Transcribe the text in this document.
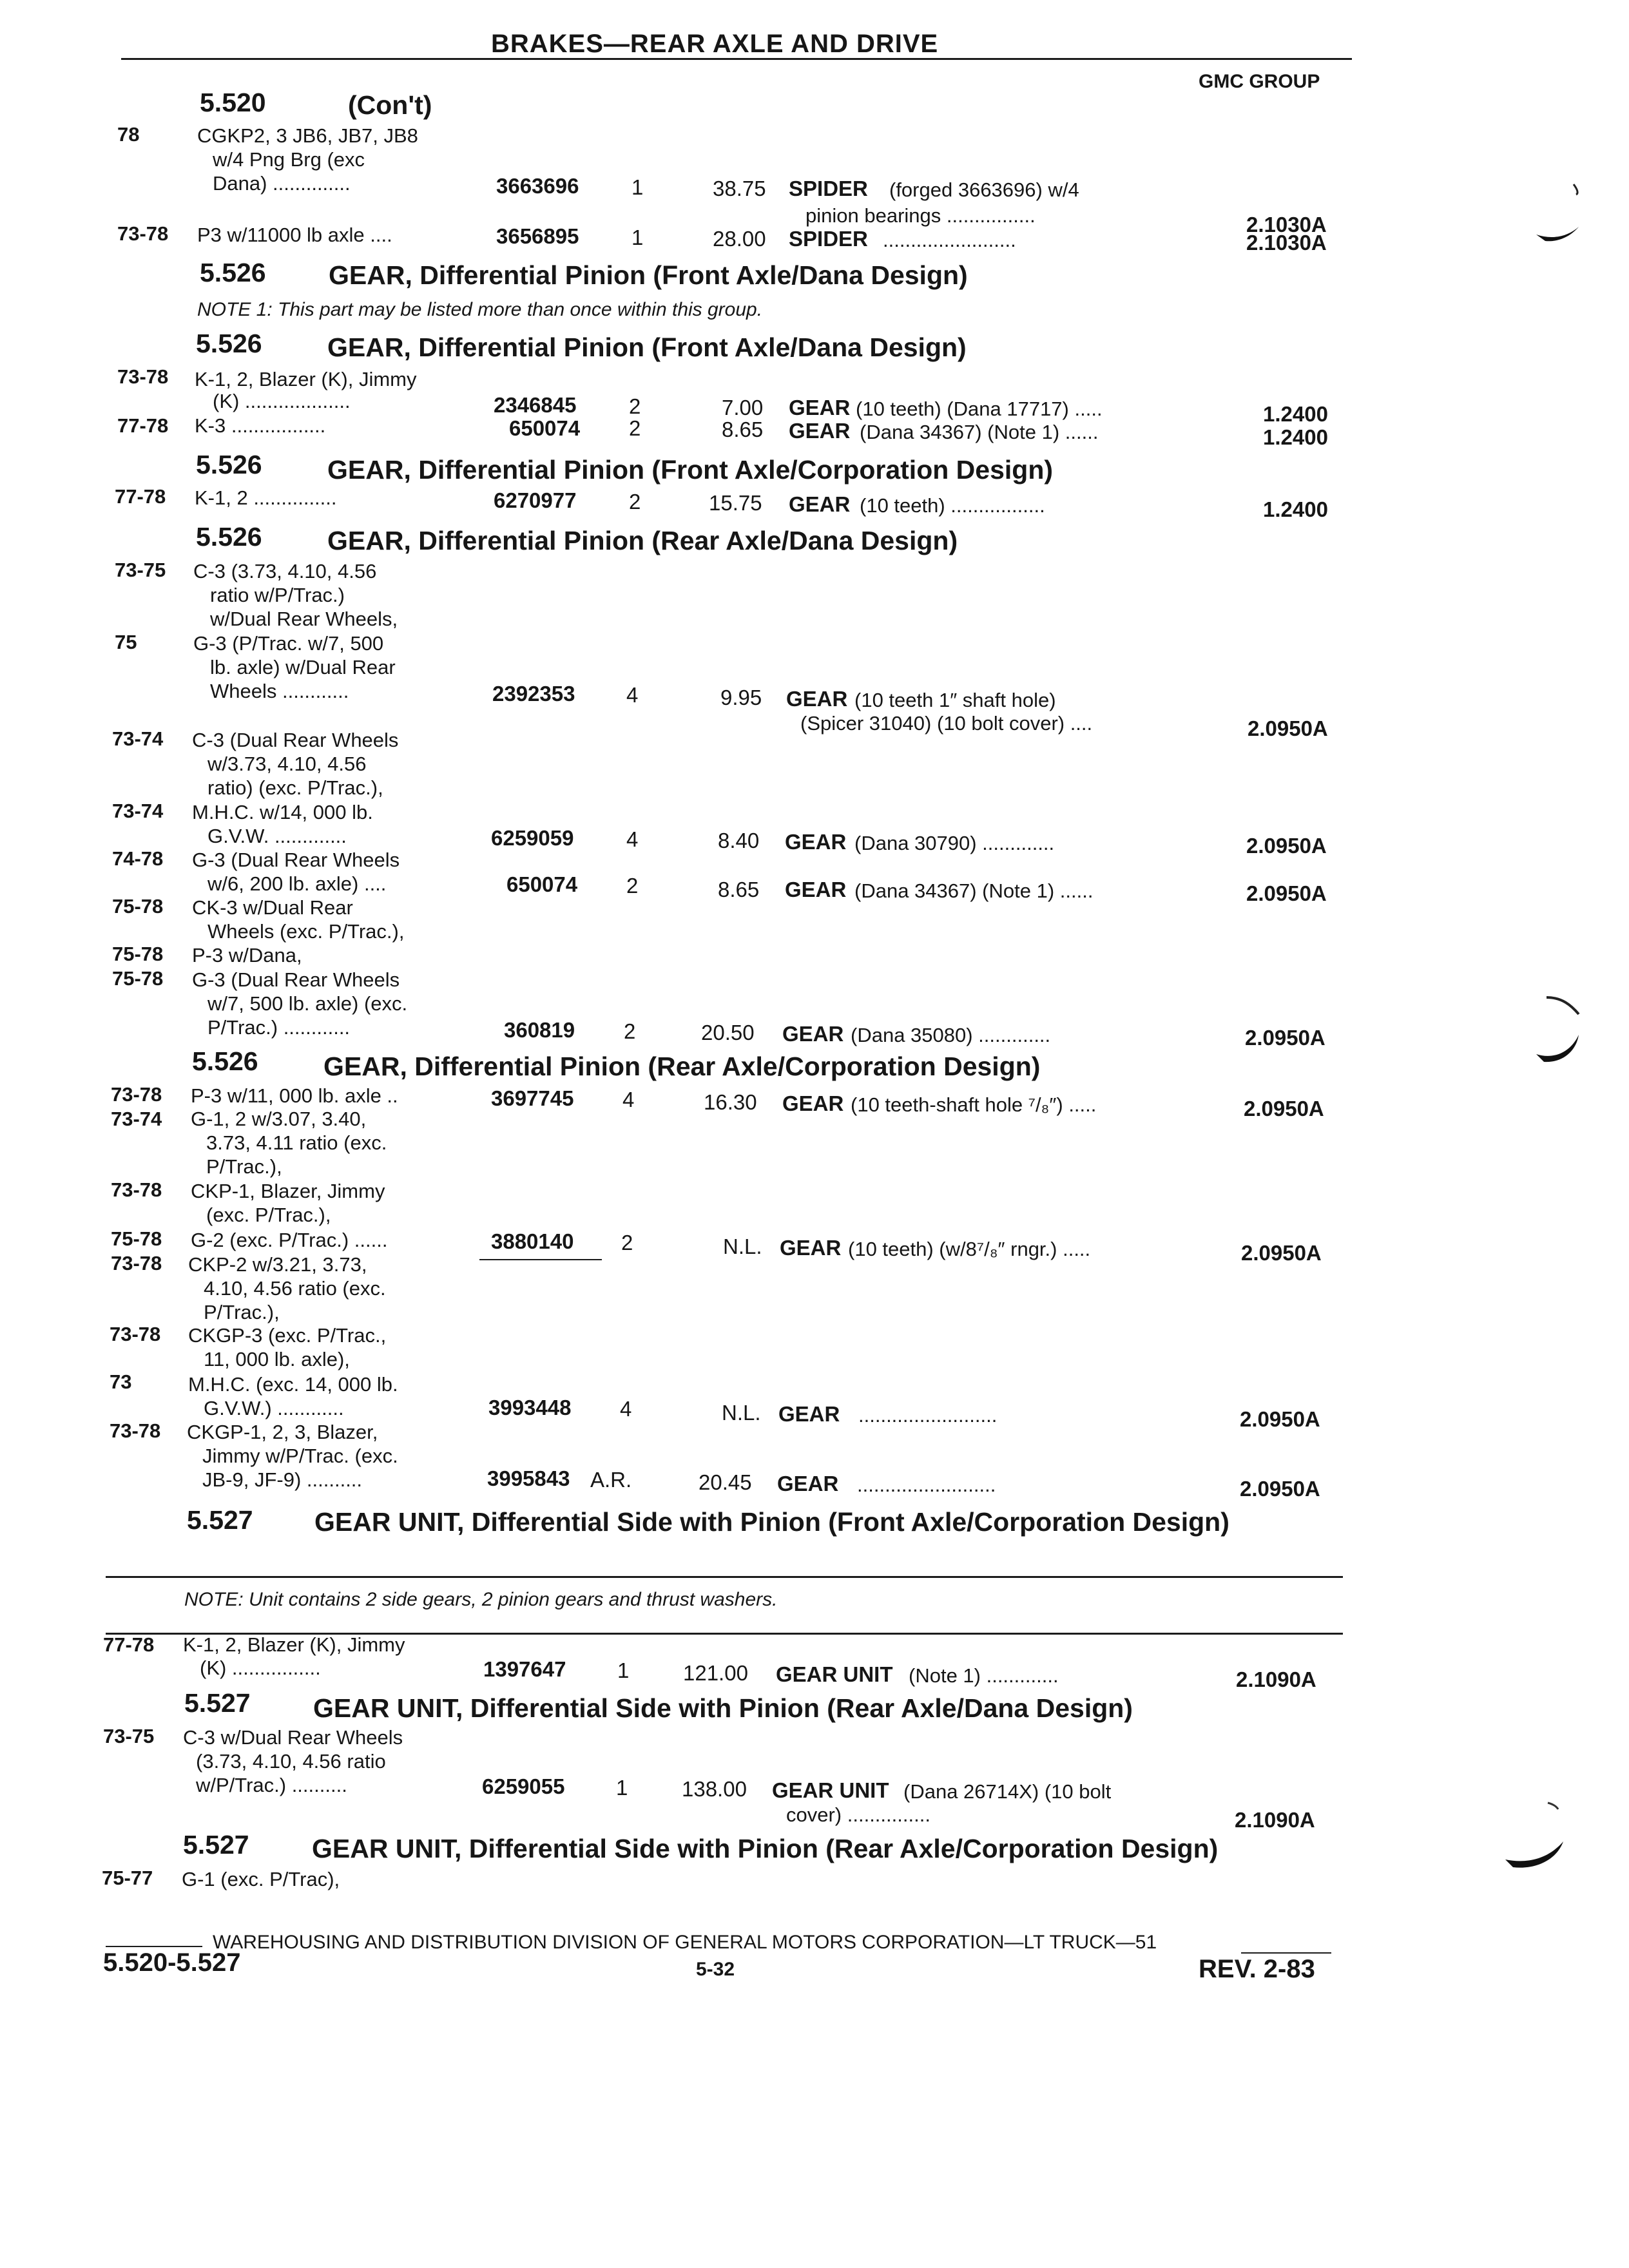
BRAKES—REAR AXLE AND DRIVE
GMC GROUP
5.520	(Con't)
78	CGKP2, 3 JB6, JB7, JB8
w/4 Png Brg (exc
Dana) ..............	3663696 1	38.75 SPIDER (forged 3663696) w/4
pinion bearings ................	2.1030A
73-78 P3 w/11000 lb axle ....	3656895 1	28.00 SPIDER ........................	2.1030A
5.526 GEAR, Differential Pinion (Front Axle/Dana Design)
NOTE 1: This part may be listed more than once within this group.
5.526 GEAR, Differential Pinion (Front Axle/Dana Design)
73-78 K-1, 2, Blazer (K), Jimmy
(K) ...................	2346845 2	7.00 GEAR (10 teeth) (Dana 17717) .....	1.2400
77-78 K-3 .................	650074 2	8.65 GEAR (Dana 34367) (Note 1) ......	1.2400
5.526 GEAR, Differential Pinion (Front Axle/Corporation Design)
77-78 K-1, 2 ...............	6270977 2	15.75 GEAR (10 teeth) .................	1.2400
5.526 GEAR, Differential Pinion (Rear Axle/Dana Design)
73-75 C-3 (3.73, 4.10, 4.56
ratio w/P/Trac.)
w/Dual Rear Wheels,
75	G-3 (P/Trac. w/7, 500
lb. axle) w/Dual Rear
Wheels ............	2392353 4	9.95 GEAR (10 teeth 1″ shaft hole)
(Spicer 31040) (10 bolt cover) ....	2.0950A
73-74 C-3 (Dual Rear Wheels
w/3.73, 4.10, 4.56
ratio) (exc. P/Trac.),
73-74 M.H.C. w/14, 000 lb.
G.V.W. .............	6259059 4	8.40 GEAR (Dana 30790) .............	2.0950A
74-78 G-3 (Dual Rear Wheels
w/6, 200 lb. axle) ....	650074 2	8.65 GEAR (Dana 34367) (Note 1) ......	2.0950A
75-78 CK-3 w/Dual Rear
Wheels (exc. P/Trac.),
75-78 P-3 w/Dana,
75-78 G-3 (Dual Rear Wheels
w/7, 500 lb. axle) (exc.
P/Trac.) ............	360819 2	20.50 GEAR (Dana 35080) .............	2.0950A
5.526 GEAR, Differential Pinion (Rear Axle/Corporation Design)
73-78 P-3 w/11, 000 lb. axle ..	3697745 4	16.30 GEAR (10 teeth-shaft hole ⁷/₈″) .....	2.0950A
73-74 G-1, 2 w/3.07, 3.40,
3.73, 4.11 ratio (exc.
P/Trac.),
73-78 CKP-1, Blazer, Jimmy
(exc. P/Trac.),
75-78 G-2 (exc. P/Trac.) ......	3880140 2	N.L. GEAR (10 teeth) (w/8⁷/₈″ rngr.) .....	2.0950A
73-78 CKP-2 w/3.21, 3.73,
4.10, 4.56 ratio (exc.
P/Trac.),
73-78 CKGP-3 (exc. P/Trac.,
11, 000 lb. axle),
73	M.H.C. (exc. 14, 000 lb.
G.V.W.) ............	3993448 4	N.L. GEAR .........................	2.0950A
73-78 CKGP-1, 2, 3, Blazer,
Jimmy w/P/Trac. (exc.
JB-9, JF-9) ..........	3995843 A.R.	20.45 GEAR .........................	2.0950A
5.527 GEAR UNIT, Differential Side with Pinion (Front Axle/Corporation Design)
NOTE: Unit contains 2 side gears, 2 pinion gears and thrust washers.
77-78 K-1, 2, Blazer (K), Jimmy
(K) ................	1397647 1	121.00 GEAR UNIT (Note 1) .............	2.1090A
5.527 GEAR UNIT, Differential Side with Pinion (Rear Axle/Dana Design)
73-75 C-3 w/Dual Rear Wheels
(3.73, 4.10, 4.56 ratio
w/P/Trac.) ..........	6259055 1	138.00 GEAR UNIT (Dana 26714X) (10 bolt
cover) ...............	2.1090A
5.527 GEAR UNIT, Differential Side with Pinion (Rear Axle/Corporation Design)
75-77 G-1 (exc. P/Trac),
WAREHOUSING AND DISTRIBUTION DIVISION OF GENERAL MOTORS CORPORATION—LT TRUCK—51
5.520-5.527	5-32	REV. 2-83
